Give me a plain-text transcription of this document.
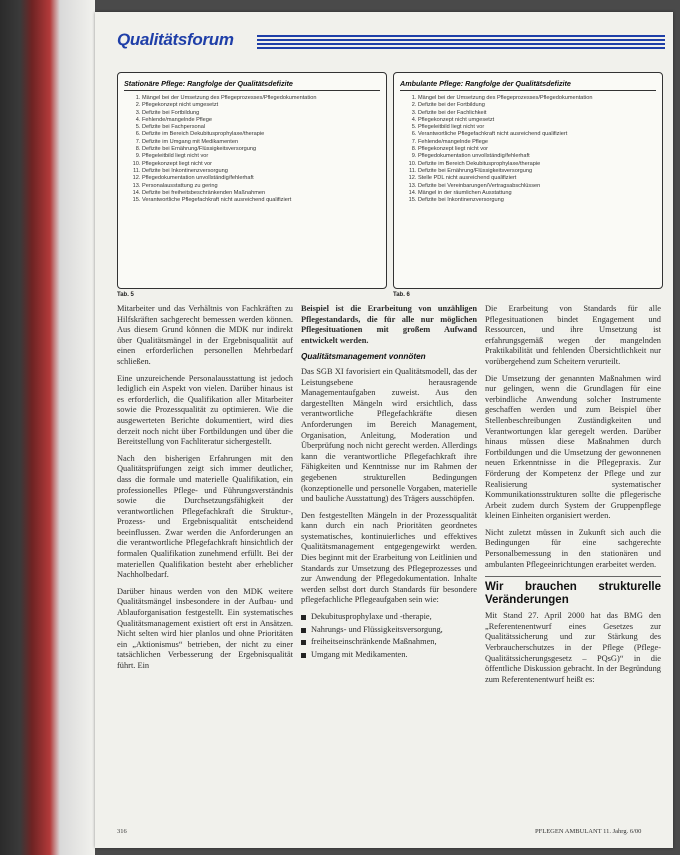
Qualitätsforum
Stationäre Pflege: Rangfolge der Qualitätsdefizite
1. Mängel bei der Umsetzung des Pflegeprozesses/Pflegedokumentation
2. Pflegekonzept nicht umgesetzt
3. Defizite bei Fortbildung
4. Fehlende/mangelnde Pflege
5. Defizite bei Fachpersonal
6. Defizite im Bereich Dekubitusprophylaxe/therapie
7. Defizite im Umgang mit Medikamenten
8. Defizite bei Ernährung/Flüssigkeitsversorgung
9. Pflegeleitbild liegt nicht vor
10. Pflegekonzept liegt nicht vor
11. Defizite bei Inkontinenzversorgung
12. Pflegedokumentation unvollständig/fehlerhaft
13. Personalausstattung zu gering
14. Defizite bei freiheitsbeschränkenden Maßnahmen
15. Verantwortliche Pflegefachkraft nicht ausreichend qualifiziert
Ambulante Pflege: Rangfolge der Qualitätsdefizite
1. Mängel bei der Umsetzung des Pflegeprozesses/Pflegedokumentation
2. Defizite bei der Fortbildung
3. Defizite bei der Fachlichkeit
4. Pflegekonzept nicht umgesetzt
5. Pflegeleitbild liegt nicht vor
6. Verantwortliche Pflegefachkraft nicht ausreichend qualifiziert
7. Fehlende/mangelnde Pflege
8. Pflegekonzept liegt nicht vor
9. Pflegedokumentation unvollständig/fehlerhaft
10. Defizite im Bereich Dekubitusprophylaxe/therapie
11. Defizite bei Ernährung/Flüssigkeitsversorgung
12. Stelle PDL nicht ausreichend qualifiziert
13. Defizite bei Vereinbarungen/Vertragsabschlüssen
14. Mängel in der räumlichen Ausstattung
15. Defizite bei Inkontinenzversorgung
Tab. 5	Tab. 6

Mitarbeiter und das Verhältnis von Fachkräften zu Hilfskräften sachgerecht bemessen werden können. Aus diesem Grund können die MDK nur indirekt über Qualitätsmängel in der Ergebnisqualität auf einen erforderlichen personellen Mehrbedarf schließen.

Eine unzureichende Personalausstattung ist jedoch lediglich ein Aspekt von vielen. Darüber hinaus ist es erforderlich, die Qualifikation aller Mitarbeiter sowie die Prozessqualität zu optimieren. Wie die ausgewerteten Berichte dokumentiert, wird dies derzeit noch nicht über Fortbildungen und über die Bereitstellung von Fachliteratur sichergestellt.

Nach den bisherigen Erfahrungen mit den Qualitätsprüfungen zeigt sich immer deutlicher, dass die formale und materielle Qualifikation, ein professionelles Pflege- und Führungsverständnis sowie die Durchsetzungsfähigkeit der verantwortlichen Pflegefachkraft die Struktur-, Prozess- und Ergebnisqualität entscheidend beeinflussen. Zwar werden die Anforderungen an die verantwortliche Pflegefachkraft hinsichtlich der formalen Qualifikation zunehmend erfüllt. Bei der materiellen Qualifikation besteht aber erheblicher Nachholbedarf.

Darüber hinaus werden von den MDK weitere Qualitätsmängel insbesondere in der Aufbau- und Ablauforganisation festgestellt. Ein systematisches Qualitätsmanagement existiert oft erst in Ansätzen. Nicht selten wird hier planlos und ohne Prioritäten ein „Aktionismus“ betrieben, der nicht zu einer tatsächlichen Verbesserung der Ergebnisqualität führt. Ein

Beispiel ist die Erarbeitung von unzähligen Pflegestandards, die für alle nur möglichen Pflegesituationen mit großem Aufwand entwickelt werden.

Qualitätsmanagement vonnöten

Das SGB XI favorisiert ein Qualitätsmodell, das der Leistungsebene herausragende Managementaufgaben zuweist. Aus den dargestellten Mängeln wird ersichtlich, dass verantwortliche Pflegefachkräfte diesen Anforderungen im Bereich Management, Organisation, Anleitung, Moderation und Überprüfung noch nicht gerecht werden. Allerdings kann die verantwortliche Pflegefachkraft ihre Fähigkeiten und Kenntnisse nur im Rahmen der gegebenen strukturellen Bedingungen (konzeptionelle und personelle Vorgaben, materielle und bauliche Ausstattung) des Trägers ausschöpfen.

Den festgestellten Mängeln in der Prozessqualität kann durch ein nach Prioritäten geordnetes systematisches, kontinuierliches und effektives Qualitätsmanagement entgegengewirkt werden. Dies beginnt mit der Erarbeitung von Leitlinien und Standards zur Umsetzung des Pflegeprozesses und zur Anwendung der Pflegedokumentation. Inhalte werden selbst dort durch Standards für besondere pflegefachliche Pflegeaufgaben sein wie:

Dekubitusprophylaxe und -therapie,
Nahrungs- und Flüssigkeitsversorgung,
freiheitseinschränkende Maßnahmen,
Umgang mit Medikamenten.

Die Erarbeitung von Standards für alle Pflegesituationen bindet Engagement und Ressourcen, und ihre Umsetzung ist erfahrungsgemäß wegen der mangelnden Praktikabilität und fehlenden Übersichtlichkeit nur vorübergehend zum Scheitern verurteilt.

Die Umsetzung der genannten Maßnahmen wird nur gelingen, wenn die Grundlagen für eine verbindliche Anwendung solcher Instrumente geschaffen werden und zum Beispiel über Stellenbeschreibungen Zuständigkeiten und Verantwortungen klar geregelt werden. Darüber hinaus müssen diese Maßnahmen durch Fortbildungen und die Umsetzung der gewonnenen neuen Erkenntnisse in die Pflegepraxis. Zur Förderung der Kompetenz der Pflege und zur Realisierung systematischer Kommunikationsstrukturen sollte die pflegerische Arbeit zudem durch System der Gruppenpflege kleinen Einheiten organisiert werden.

Nicht zuletzt müssen in Zukunft sich auch die Bedingungen für eine sachgerechte Personalbemessung in den stationären und ambulanten Pflegeeinrichtungen erarbeitet werden.

Wir brauchen strukturelle Veränderungen

Mit Stand 27. April 2000 hat das BMG den „Referentenentwurf eines Gesetzes zur Qualitätssicherung und zur Stärkung des Verbraucherschutzes in der Pflege (Pflege-Qualitätssicherungsgesetz – PQsG)“ in die öffentliche Diskussion gebracht. In der Begründung zum Referentenentwurf heißt es:

316	PFLEGEN AMBULANT 11. Jahrg. 6/00
